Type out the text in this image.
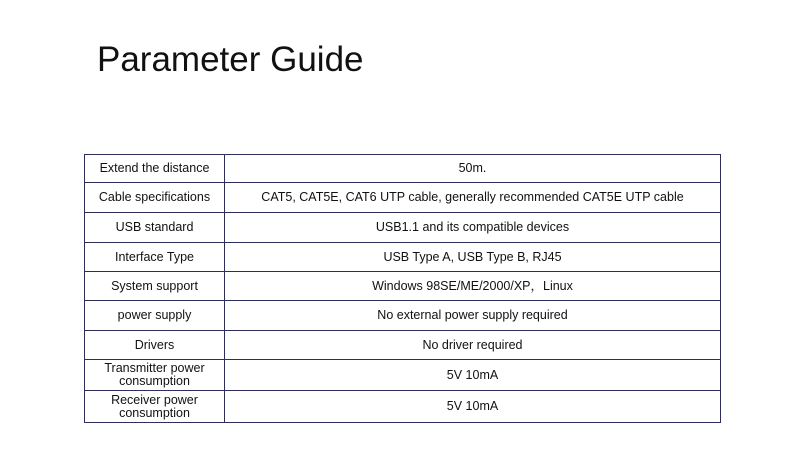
Parameter Guide
Extend the distance	50m.
Cable specifications	CAT5, CAT5E, CAT6 UTP cable, generally recommended CAT5E UTP cable
USB standard	USB1.1 and its compatible devices
Interface Type	USB Type A, USB Type B, RJ45
System support	Windows 98SE/ME/2000/XP，Linux
power supply	No external power supply required
Drivers	No driver required
Transmitter power consumption	5V 10mA
Receiver power consumption	5V 10mA
